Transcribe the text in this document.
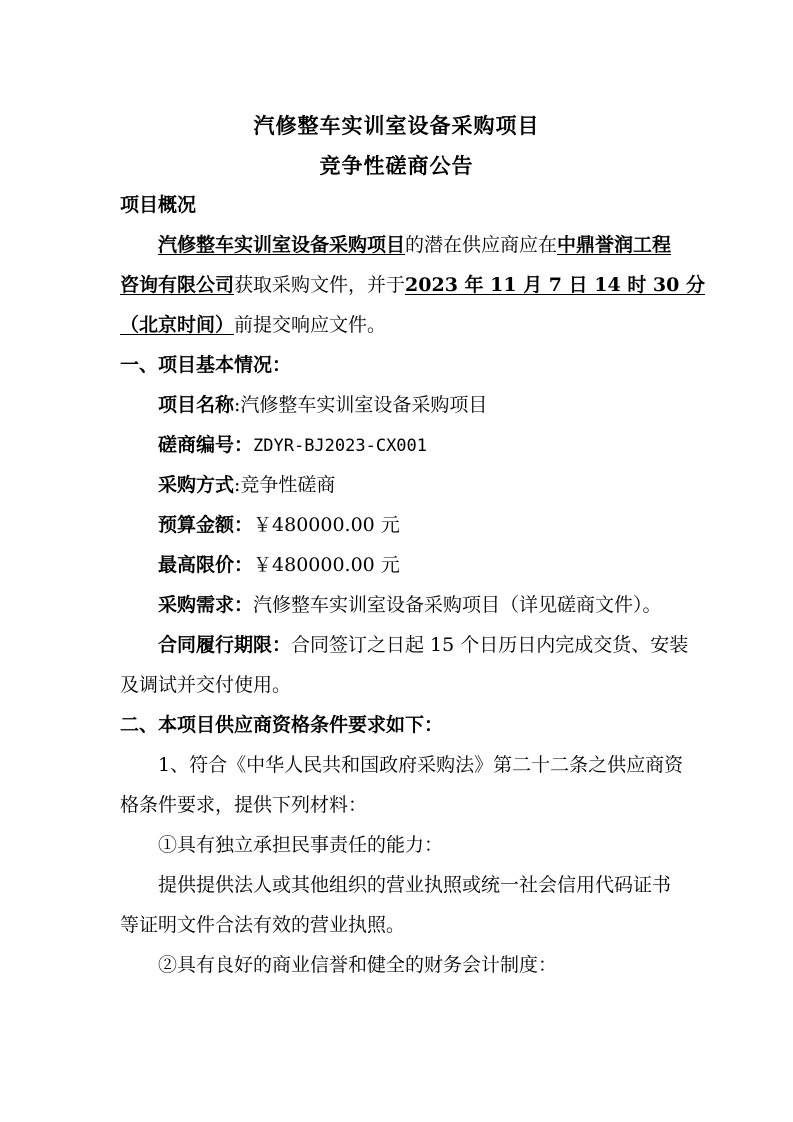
汽修整车实训室设备采购项目
竞争性磋商公告
项目概况
汽修整车实训室设备采购项目的潜在供应商应在中鼎誉润工程
咨询有限公司获取采购文件，并于2023 年 11 月 7 日 14 时 30 分
（北京时间）前提交响应文件。
一、项目基本情况：
项目名称:汽修整车实训室设备采购项目
磋商编号：ZDYR-BJ2023-CX001
采购方式:竞争性磋商
预算金额：￥480000.00 元
最高限价：￥480000.00 元
采购需求：汽修整车实训室设备采购项目（详见磋商文件）。
合同履行期限：合同签订之日起 15 个日历日内完成交货、安装
及调试并交付使用。
二、本项目供应商资格条件要求如下：
1、符合《中华人民共和国政府采购法》第二十二条之供应商资
格条件要求，提供下列材料：
①具有独立承担民事责任的能力：
提供提供法人或其他组织的营业执照或统一社会信用代码证书
等证明文件合法有效的营业执照。
②具有良好的商业信誉和健全的财务会计制度：
